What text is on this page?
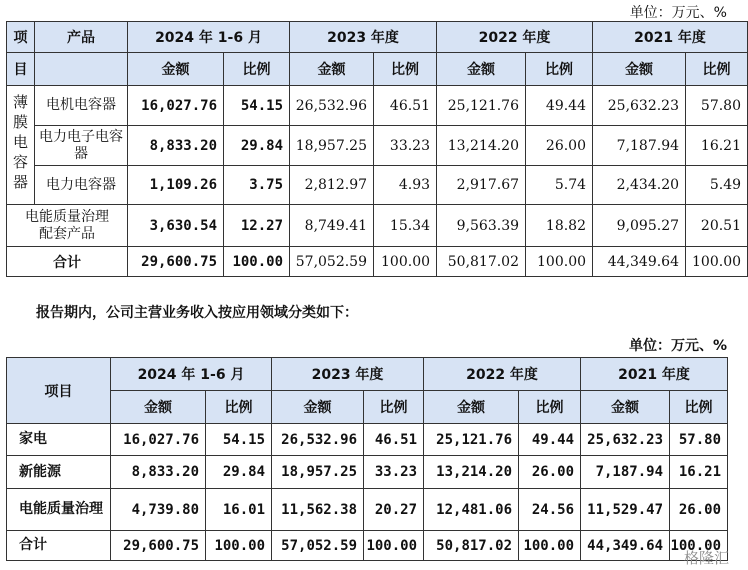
单位：万元、%
项	产品	2024 年 1-6 月		2023 年度		2022 年度		2021 年度	
目		金额	比例	金额	比例	金额	比例	金额	比例
薄膜电容器	电机电容器	16,027.76	54.15	26,532.96	46.51	25,121.76	49.44	25,632.23	57.80
	电力电子电容器	8,833.20	29.84	18,957.25	33.23	13,214.20	26.00	7,187.94	16.21
	电力电容器	1,109.26	3.75	2,812.97	4.93	2,917.67	5.74	2,434.20	5.49
电能质量治理配套产品		3,630.54	12.27	8,749.41	15.34	9,563.39	18.82	9,095.27	20.51
合计		29,600.75	100.00	57,052.59	100.00	50,817.02	100.00	44,349.64	100.00
报告期内，公司主营业务收入按应用领域分类如下：
单位：万元、%
项目	2024 年 1-6 月		2023 年度		2022 年度		2021 年度	
	金额	比例	金额	比例	金额	比例	金额	比例
家电	16,027.76	54.15	26,532.96	46.51	25,121.76	49.44	25,632.23	57.80
新能源	8,833.20	29.84	18,957.25	33.23	13,214.20	26.00	7,187.94	16.21
电能质量治理	4,739.80	16.01	11,562.38	20.27	12,481.06	24.56	11,529.47	26.00
合计	29,600.75	100.00	57,052.59	100.00	50,817.02	100.00	44,349.64	100.00
格隆汇
